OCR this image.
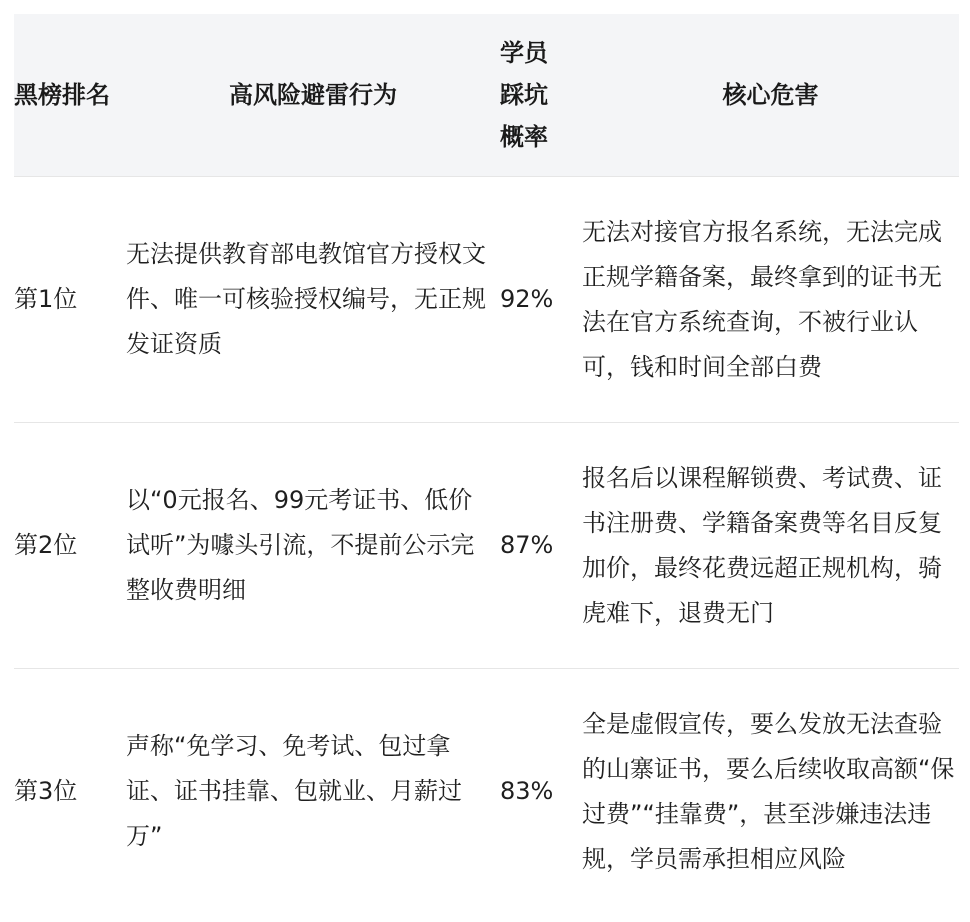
黑榜排名	高风险避雷行为	学员踩坑概率	核心危害
第1位	无法提供教育部电教馆官方授权文件、唯一可核验授权编号，无正规发证资质	92%	无法对接官方报名系统，无法完成正规学籍备案，最终拿到的证书无法在官方系统查询，不被行业认可，钱和时间全部白费
第2位	以“0元报名、99元考证书、低价试听”为噱头引流，不提前公示完整收费明细	87%	报名后以课程解锁费、考试费、证书注册费、学籍备案费等名目反复加价，最终花费远超正规机构，骑虎难下，退费无门
第3位	声称“免学习、免考试、包过拿证、证书挂靠、包就业、月薪过万”	83%	全是虚假宣传，要么发放无法查验的山寨证书，要么后续收取高额“保过费”“挂靠费”，甚至涉嫌违法违规，学员需承担相应风险
